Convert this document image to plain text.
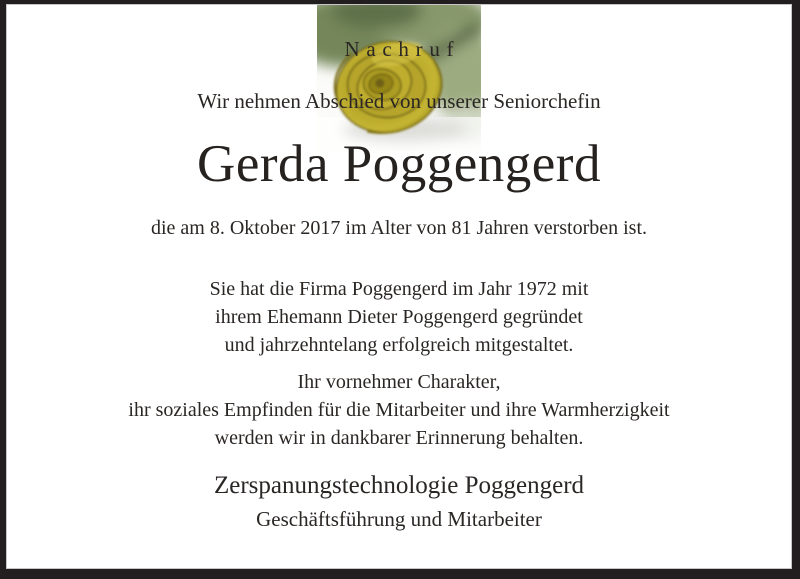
Nachruf
Wir nehmen Abschied von unserer Seniorchefin
Gerda Poggengerd
die am 8. Oktober 2017 im Alter von 81 Jahren verstorben ist.
Sie hat die Firma Poggengerd im Jahr 1972 mit
ihrem Ehemann Dieter Poggengerd gegründet
und jahrzehntelang erfolgreich mitgestaltet.
Ihr vornehmer Charakter,
ihr soziales Empfinden für die Mitarbeiter und ihre Warmherzigkeit
werden wir in dankbarer Erinnerung behalten.
Zerspanungstechnologie Poggengerd
Geschäftsführung und Mitarbeiter
